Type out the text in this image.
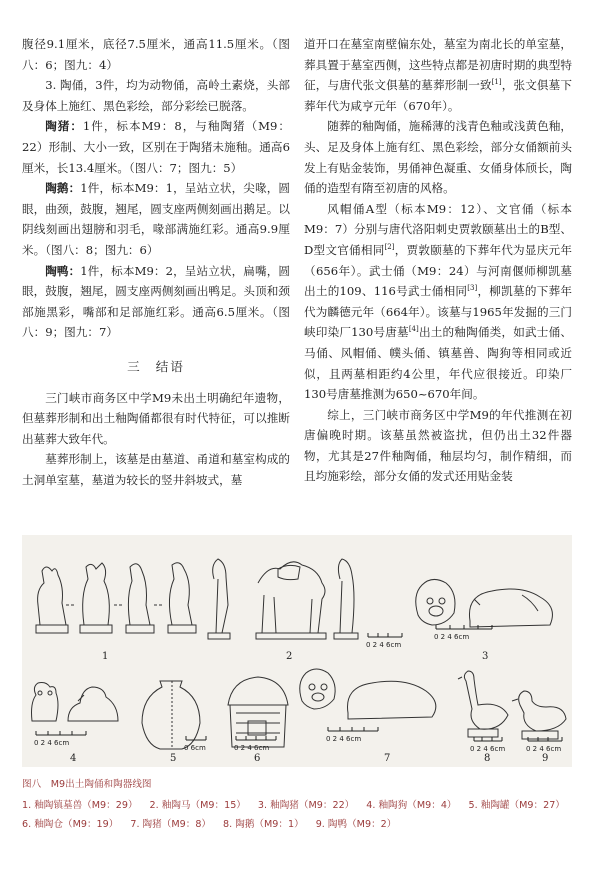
腹径9.1厘米，底径7.5厘米，通高11.5厘米。（图八：6；图九：4）

3. 陶俑，3件，均为动物俑，高岭土素烧，头部及身体上施红、黑色彩绘，部分彩绘已脱落。

陶猪：1件，标本M9：8，与釉陶猪（M9：22）形制、大小一致，区别在于陶猪未施釉。通高6厘米，长13.4厘米。（图八：7；图九：5）

陶鹅：1件，标本M9：1，呈站立状，尖喙，圆眼，曲颈，鼓腹，翘尾，圆支座两侧刻画出鹅足。以阴线刻画出翅膀和羽毛，喙部满施红彩。通高9.9厘米。（图八：8；图九：6）

陶鸭：1件，标本M9：2，呈站立状，扁嘴，圆眼，鼓腹，翘尾，圆支座两侧刻画出鸭足。头顶和颈部施黑彩，嘴部和足部施红彩。通高6.5厘米。（图八：9；图九：7）

三 结语

三门峡市商务区中学M9未出土明确纪年遗物，但墓葬形制和出土釉陶俑都很有时代特征，可以推断出墓葬大致年代。

墓葬形制上，该墓是由墓道、甬道和墓室构成的土洞单室墓，墓道为较长的竖井斜坡式，墓

道开口在墓室南壁偏东处，墓室为南北长的单室墓，葬具置于墓室西侧，这些特点都是初唐时期的典型特征，与唐代张文俱墓的墓葬形制一致[1]，张文俱墓下葬年代为咸亨元年（670年）。

随葬的釉陶俑，施稀薄的浅青色釉或浅黄色釉，头、足及身体上施有红、黑色彩绘，部分女俑额前头发上有贴金装饰，男俑神色凝重、女俑身体颀长，陶俑的造型有隋至初唐的风格。

风帽俑A型（标本M9：12）、文官俑（标本M9：7）分别与唐代洛阳刺史贾敦颐墓出土的B型、D型文官俑相同[2]，贾敦颐墓的下葬年代为显庆元年（656年）。武士俑（M9：24）与河南偃师柳凯墓出土的109、116号武士俑相同[3]，柳凯墓的下葬年代为麟德元年（664年）。该墓与1965年发掘的三门峡印染厂130号唐墓[4]出土的釉陶俑类，如武士俑、马俑、风帽俑、幞头俑、镇墓兽、陶狗等相同或近似，且两墓相距约4公里，年代应很接近。印染厂130号唐墓推测为650~670年间。

综上，三门峡市商务区中学M9的年代推测在初唐偏晚时期。该墓虽然被盗扰，但仍出土32件器物，尤其是27件釉陶俑，釉层均匀，制作精细，而且均施彩绘，部分女俑的发式还用贴金装

0 2 4 6cm
0 2 4 6cm
0 2 4 6cm
0 6cm	0 2 4 6cm
0 2 4 6cm
0 2 4 6cm	0 2 4 6cm
1	2	3
4	5	6	7	8	9
图八　M9出土陶俑和陶器线图
1. 釉陶镇墓兽（M9：29） 2. 釉陶马（M9：15） 3. 釉陶猪（M9：22） 4. 釉陶狗（M9：4） 5. 釉陶罐（M9：27）
6. 釉陶仓（M9：19） 7. 陶猪（M9：8） 8. 陶鹅（M9：1） 9. 陶鸭（M9：2）
